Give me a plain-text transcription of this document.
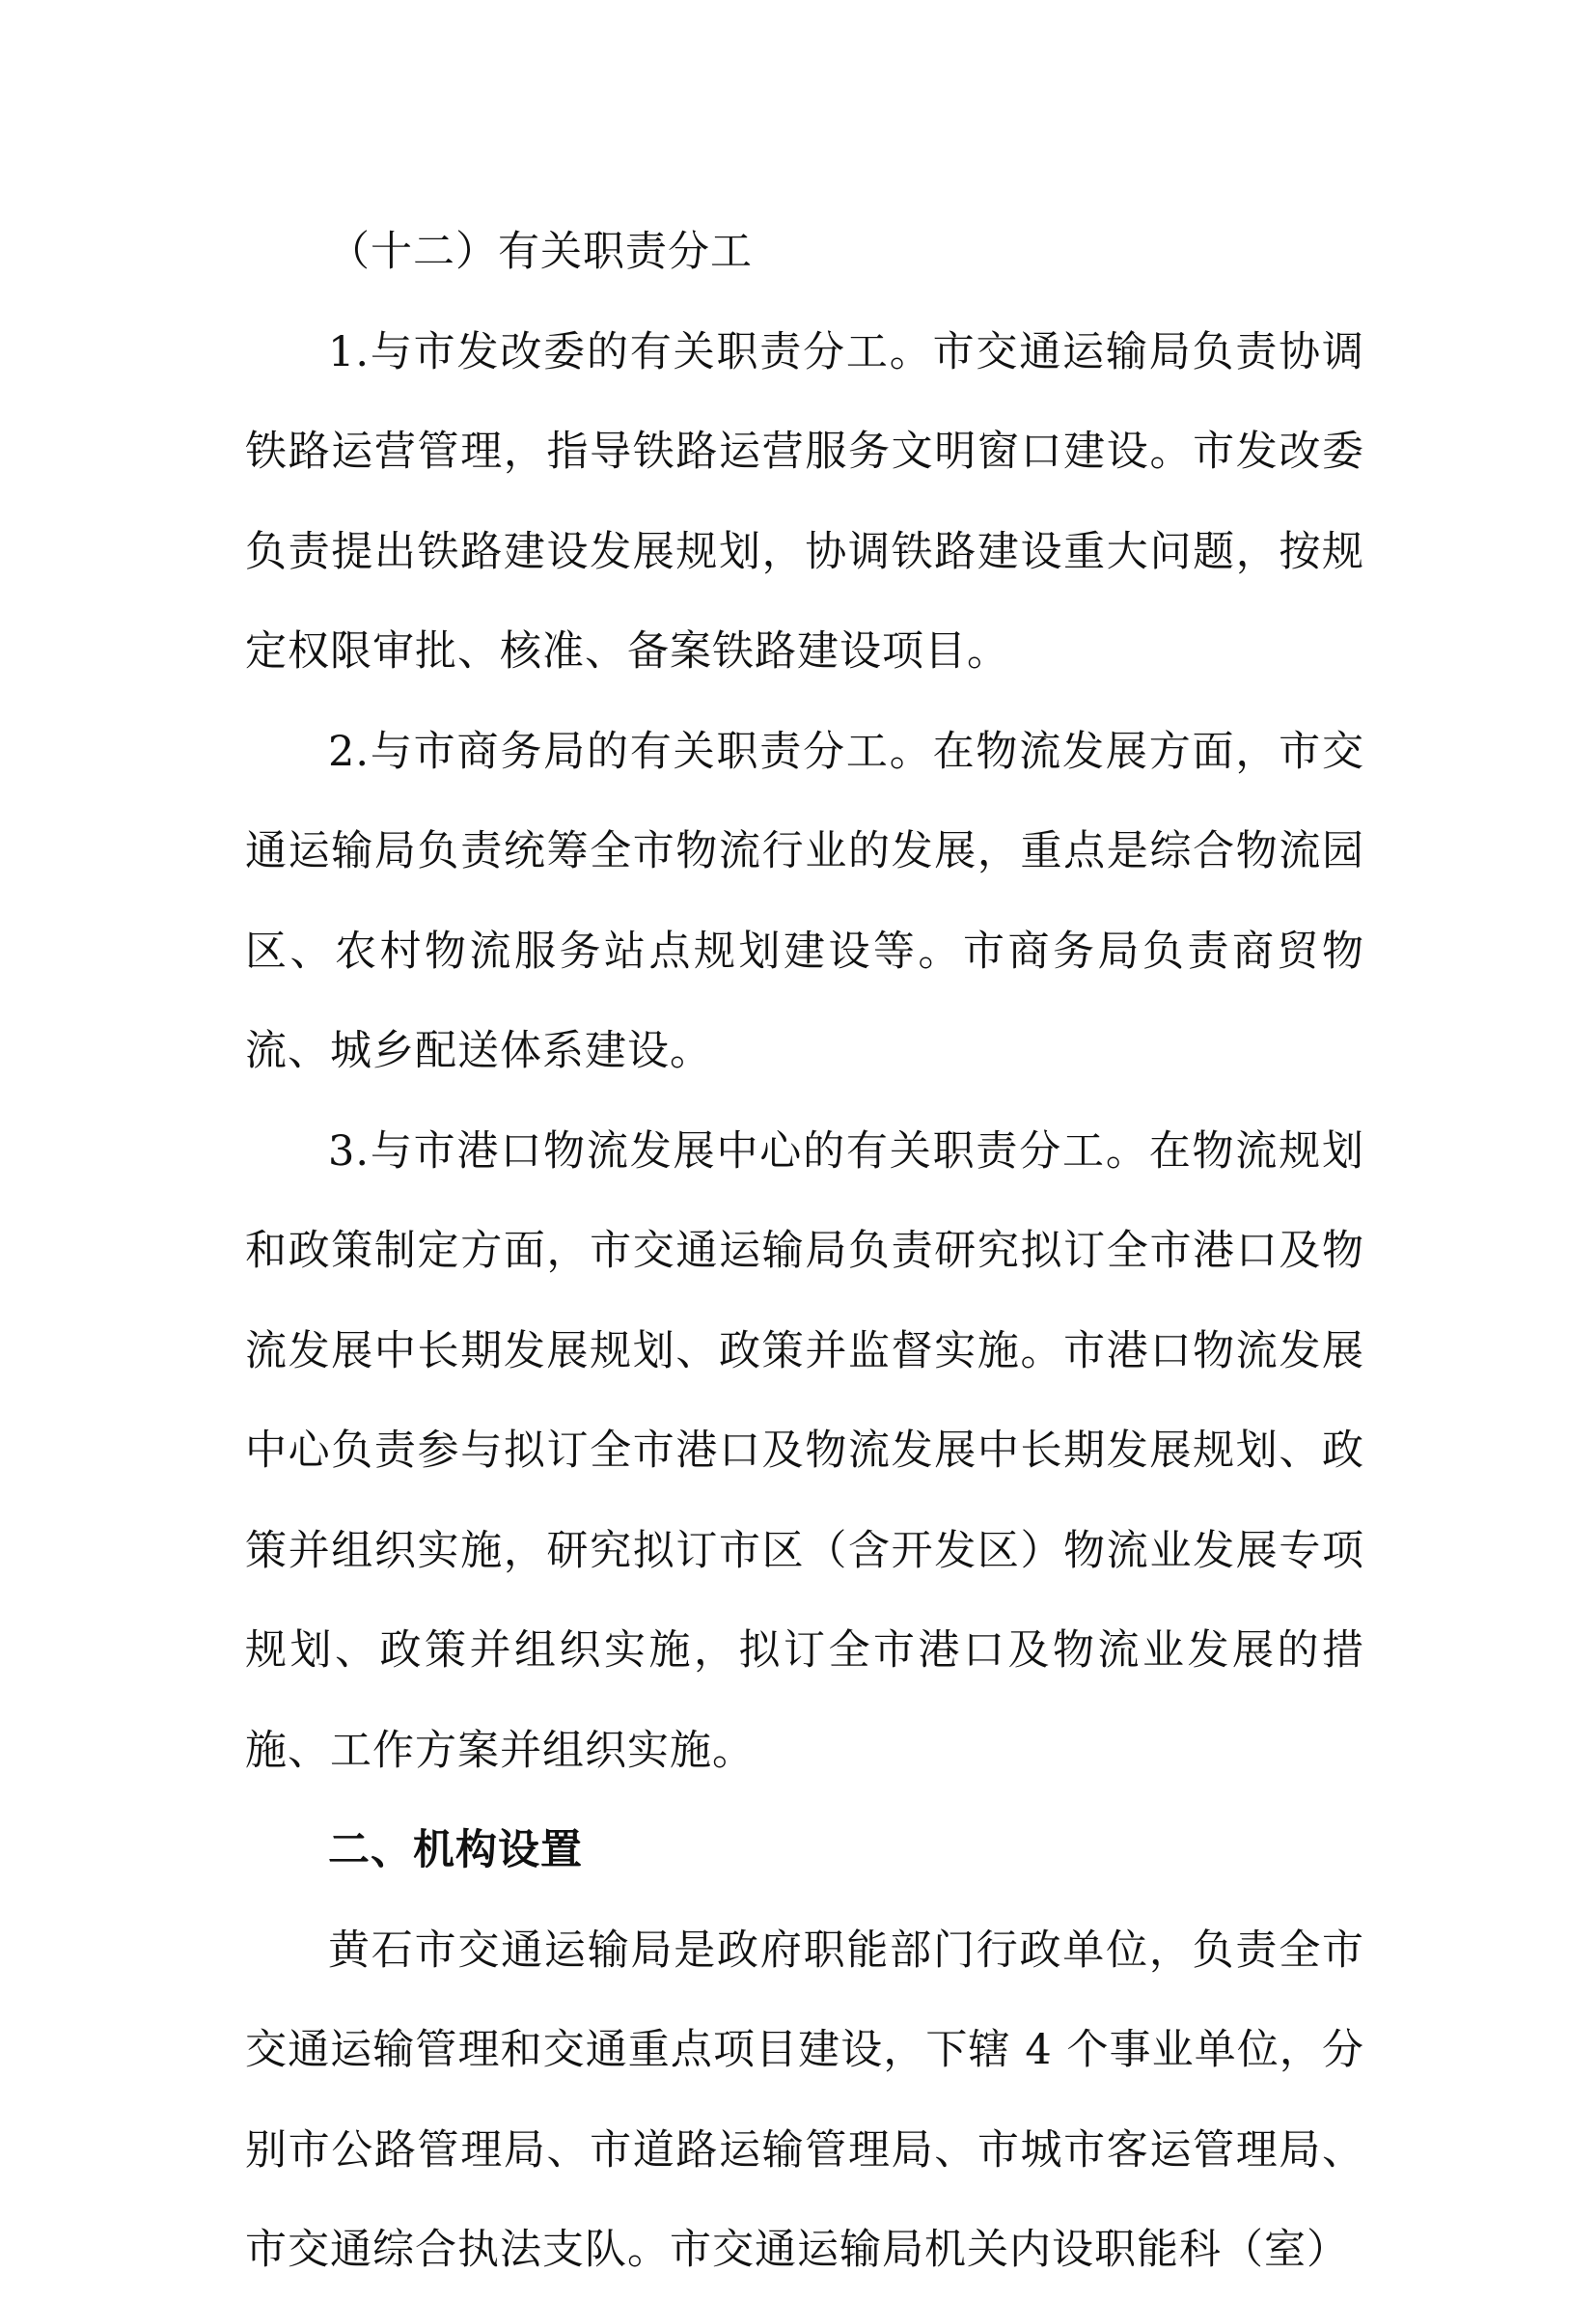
（十二）有关职责分工

1.与市发改委的有关职责分工。市交通运输局负责协调铁路运营管理，指导铁路运营服务文明窗口建设。市发改委负责提出铁路建设发展规划，协调铁路建设重大问题，按规定权限审批、核准、备案铁路建设项目。

2.与市商务局的有关职责分工。在物流发展方面，市交通运输局负责统筹全市物流行业的发展，重点是综合物流园区、农村物流服务站点规划建设等。市商务局负责商贸物流、城乡配送体系建设。

3.与市港口物流发展中心的有关职责分工。在物流规划和政策制定方面，市交通运输局负责研究拟订全市港口及物流发展中长期发展规划、政策并监督实施。市港口物流发展中心负责参与拟订全市港口及物流发展中长期发展规划、政策并组织实施，研究拟订市区（含开发区）物流业发展专项规划、政策并组织实施，拟订全市港口及物流业发展的措施、工作方案并组织实施。

二、机构设置

黄石市交通运输局是政府职能部门行政单位，负责全市交通运输管理和交通重点项目建设，下辖 4 个事业单位，分别市公路管理局、市道路运输管理局、市城市客运管理局、市交通综合执法支队。市交通运输局机关内设职能科（室）
